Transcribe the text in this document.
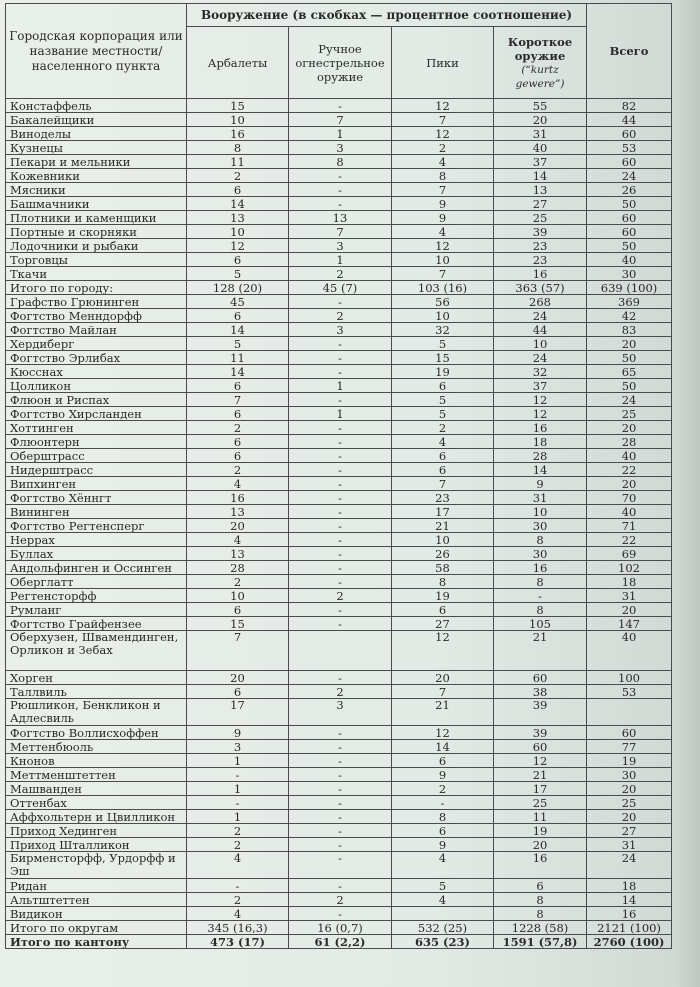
Городская корпорация или название местности/ населенного пункта	Вооружение (в скобках — процентное соотношение)				Всего
	Арбалеты	Ручное огнестрельное оружие	Пики	Короткое оружие
(“kurtz gewere”)	

Констаффель	15	-	12	55	82
Бакалейщики	10	7	7	20	44
Виноделы	16	1	12	31	60
Кузнецы	8	3	2	40	53
Пекари и мельники	11	8	4	37	60
Кожевники	2	-	8	14	24
Мясники	6	-	7	13	26
Башмачники	14	-	9	27	50
Плотники и каменщики	13	13	9	25	60
Портные и скорняки	10	7	4	39	60
Лодочники и рыбаки	12	3	12	23	50
Торговцы	6	1	10	23	40
Ткачи	5	2	7	16	30
Итого по городу:	128 (20)	45 (7)	103 (16)	363 (57)	639 (100)
Графство Грюнинген	45	-	56	268	369
Фогтство Менндорфф	6	2	10	24	42
Фогтство Майлан	14	3	32	44	83
Хердиберг	5	-	5	10	20
Фогтство Эрлибах	11	-	15	24	50
Кюсснах	14	-	19	32	65
Цолликон	6	1	6	37	50
Флюон и Риспах	7	-	5	12	24
Фогтство Хирсланден	6	1	5	12	25
Хоттинген	2	-	2	16	20
Флюонтерн	6	-	4	18	28
Оберштрасс	6	-	6	28	40
Нидерштрасс	2	-	6	14	22
Випхинген	4	-	7	9	20
Фогтство Хённгт	16	-	23	31	70
Вининген	13	-	17	10	40
Фогтство Регтенсперг	20	-	21	30	71
Неррах	4	-	10	8	22
Буллах	13	-	26	30	69
Андольфинген и Оссинген	28	-	58	16	102
Оберглатт	2	-	8	8	18
Регтенсторфф	10	2	19	-	31
Румланг	6	-	6	8	20
Фогтство Грайфензее	15	-	27	105	147
Оберхузен, Швамендинген, Орликон и Зебах	7		12	21	40
Хорген	20	-	20	60	100
Таллвиль	6	2	7	38	53
Рюшликон, Бенкликон и Адлесвиль	17	3	21	39	
Фогтство Воллисхоффен	9	-	12	39	60
Меттенбюоль	3	-	14	60	77
Кнонов	1	-	6	12	19
Меттменштеттен	-	-	9	21	30
Машванден	1	-	2	17	20
Оттенбах	-	-	-	25	25
Аффхольтерн и Цвилликон	1	-	8	11	20
Приход Хединген	2	-	6	19	27
Приход Шталликон	2	-	9	20	31
Бирменсторфф, Урдорфф и Эш	4	-	4	16	24
Ридан	-	-	5	6	18
Альтштеттен	2	2	4	8	14
Видикон	4	-		8	16
Итого по округам	345 (16,3)	16 (0,7)	532 (25)	1228 (58)	2121 (100)
Итого по кантону	473 (17)	61 (2,2)	635 (23)	1591 (57,8)	2760 (100)
